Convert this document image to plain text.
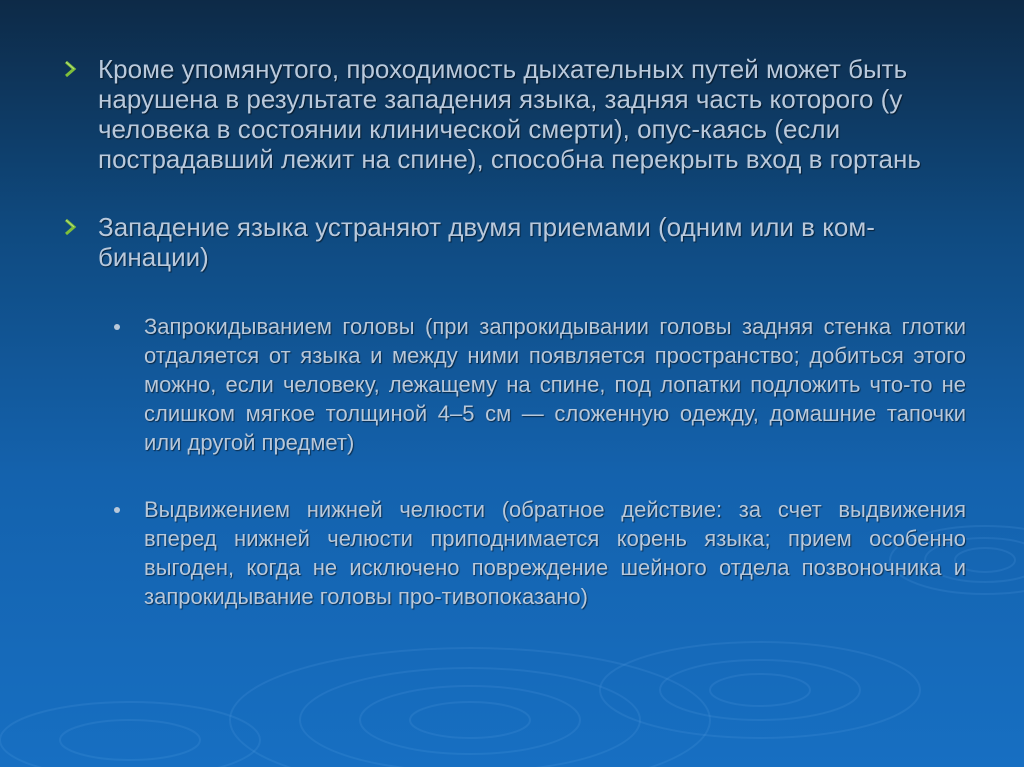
Кроме упомянутого, проходимость дыхательных путей может быть нарушена в результате западения языка, задняя часть которого (у человека в состоянии клинической смерти), опус-каясь (если пострадавший лежит на спине), способна перекрыть вход в гортань
Западение языка устраняют двумя приемами (одним или в ком-бинации)
Запрокидыванием головы (при запрокидывании головы задняя стенка глотки отдаляется от языка и между ними появляется пространство; добиться этого можно, если человеку, лежащему на спине, под лопатки подложить что-то не слишком мягкое толщиной 4–5 см — сложенную одежду, домашние тапочки или другой предмет)
Выдвижением нижней челюсти (обратное действие: за счет выдвижения вперед нижней челюсти приподнимается корень языка; прием особенно выгоден, когда не исключено повреждение шейного отдела позвоночника и запрокидывание головы про-тивопоказано)
